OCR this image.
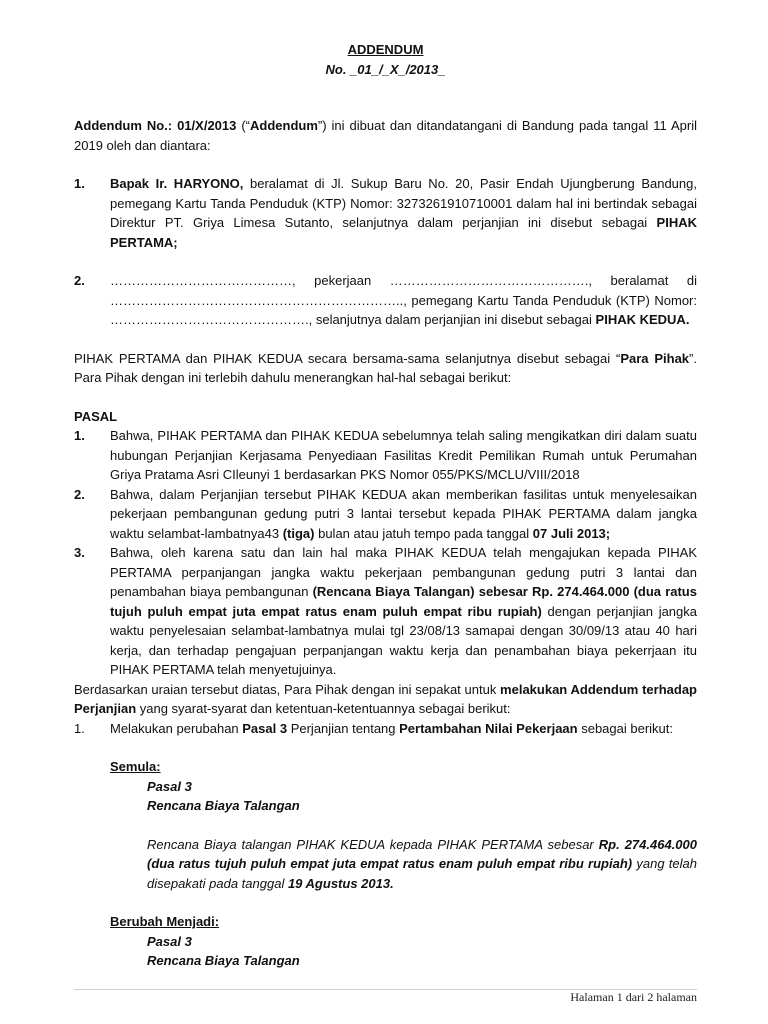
ADDENDUM
No. _01_/_X_/2013_

Addendum No.: 01/X/2013 (“Addendum”) ini dibuat dan ditandatangani di Bandung pada tangal 11 April 2019 oleh dan diantara:

1.	Bapak Ir. HARYONO, beralamat di Jl. Sukup Baru No. 20, Pasir Endah Ujungberung Bandung, pemegang Kartu Tanda Penduduk (KTP) Nomor: 3273261910710001 dalam hal ini bertindak sebagai Direktur PT. Griya Limesa Sutanto, selanjutnya dalam perjanjian ini disebut sebagai PIHAK PERTAMA;
2.	……………………………………, pekerjaan ………………………………………., beralamat di
………………………………………………………….., pemegang Kartu Tanda Penduduk (KTP) Nomor:
………………………………………., selanjutnya dalam perjanjian ini disebut sebagai PIHAK KEDUA.

PIHAK PERTAMA dan PIHAK KEDUA secara bersama-sama selanjutnya disebut sebagai “Para Pihak”. Para Pihak dengan ini terlebih dahulu menerangkan hal-hal sebagai berikut:

PASAL
1.	Bahwa, PIHAK PERTAMA dan PIHAK KEDUA sebelumnya telah saling mengikatkan diri dalam suatu hubungan Perjanjian Kerjasama Penyediaan Fasilitas Kredit Pemilikan Rumah untuk Perumahan Griya Pratama Asri CIleunyi 1 berdasarkan PKS Nomor 055/PKS/MCLU/VIII/2018
2.	Bahwa, dalam Perjanjian tersebut PIHAK KEDUA akan memberikan fasilitas untuk menyelesaikan pekerjaan pembangunan gedung putri 3 lantai tersebut kepada PIHAK PERTAMA dalam jangka waktu selambat-lambatnya43 (tiga) bulan atau jatuh tempo pada tanggal 07 Juli 2013;
3.	Bahwa, oleh karena satu dan lain hal maka PIHAK KEDUA telah mengajukan kepada PIHAK PERTAMA perpanjangan jangka waktu pekerjaan pembangunan gedung putri 3 lantai dan penambahan biaya pembangunan (Rencana Biaya Talangan) sebesar Rp. 274.464.000 (dua ratus tujuh puluh empat juta empat ratus enam puluh empat ribu rupiah) dengan perjanjian jangka waktu penyelesaian selambat-lambatnya mulai tgl 23/08/13 samapai dengan 30/09/13 atau 40 hari kerja, dan terhadap pengajuan perpanjangan waktu kerja dan penambahan biaya pekerrjaan itu PIHAK PERTAMA telah menyetujuinya.

Berdasarkan uraian tersebut diatas, Para Pihak dengan ini sepakat untuk melakukan Addendum terhadap Perjanjian yang syarat-syarat dan ketentuan-ketentuannya sebagai berikut:

1.	Melakukan perubahan Pasal 3 Perjanjian tentang Pertambahan Nilai Pekerjaan sebagai berikut:
Semula:
Pasal 3
Rencana Biaya Talangan
Rencana Biaya talangan PIHAK KEDUA kepada PIHAK PERTAMA sebesar Rp. 274.464.000 (dua ratus tujuh puluh empat juta empat ratus enam puluh empat ribu rupiah) yang telah disepakati pada tanggal 19 Agustus 2013.
Berubah Menjadi:
Pasal 3
Rencana Biaya Talangan
Halaman 1 dari 2 halaman
